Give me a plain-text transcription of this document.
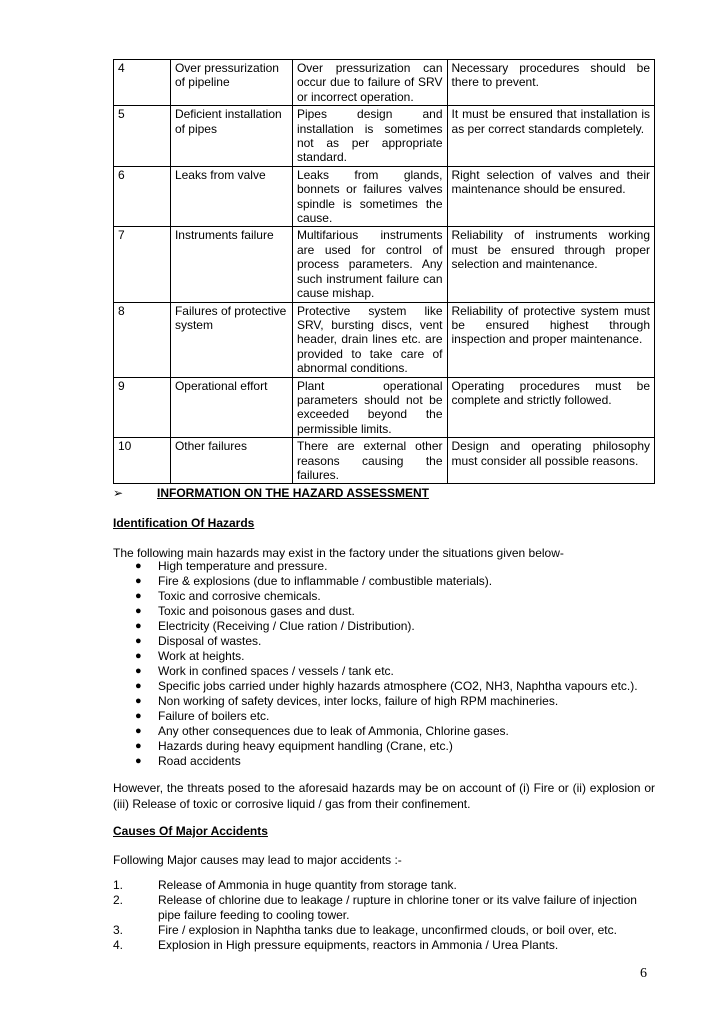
4	Over pressurization of pipeline	Over pressurization can occur due to failure of SRV or incorrect operation.	Necessary procedures should be there to prevent.
5	Deficient installation of pipes	Pipes design and installation is sometimes not as per appropriate standard.	It must be ensured that installation is as per correct standards completely.
6	Leaks from valve	Leaks from glands, bonnets or failures valves spindle is sometimes the cause.	Right selection of valves and their maintenance should be ensured.
7	Instruments failure	Multifarious instruments are used for control of process parameters. Any such instrument failure can cause mishap.	Reliability of instruments working must be ensured through proper selection and maintenance.
8	Failures of protective system	Protective system like SRV, bursting discs, vent header, drain lines etc. are provided to take care of abnormal conditions.	Reliability of protective system must be ensured highest through inspection and proper maintenance.
9	Operational effort	Plant operational parameters should not be exceeded beyond the permissible limits.	Operating procedures must be complete and strictly followed.
10	Other failures	There are external other reasons causing the failures.	Design and operating philosophy must consider all possible reasons.
➢	INFORMATION ON THE HAZARD ASSESSMENT
Identification Of Hazards
The following main hazards may exist in the factory under the situations given below-
● High temperature and pressure.
● Fire & explosions (due to inflammable / combustible materials).
● Toxic and corrosive chemicals.
● Toxic and poisonous gases and dust.
● Electricity (Receiving / Clue ration / Distribution).
● Disposal of wastes.
● Work at heights.
● Work in confined spaces / vessels / tank etc.
● Specific jobs carried under highly hazards atmosphere (CO2, NH3, Naphtha vapours etc.).
● Non working of safety devices, inter locks, failure of high RPM machineries.
● Failure of boilers etc.
● Any other consequences due to leak of Ammonia, Chlorine gases.
● Hazards during heavy equipment handling (Crane, etc.)
● Road accidents
However, the threats posed to the aforesaid hazards may be on account of (i) Fire or (ii) explosion or (iii) Release of toxic or corrosive liquid / gas from their confinement.
Causes Of Major Accidents
Following Major causes may lead to major accidents :-
1.	Release of Ammonia in huge quantity from storage tank.
2.	Release of chlorine due to leakage / rupture in chlorine toner or its valve failure of injection pipe failure feeding to cooling tower.
3.	Fire / explosion in Naphtha tanks due to leakage, unconfirmed clouds, or boil over, etc.
4.	Explosion in High pressure equipments, reactors in Ammonia / Urea Plants.
6
